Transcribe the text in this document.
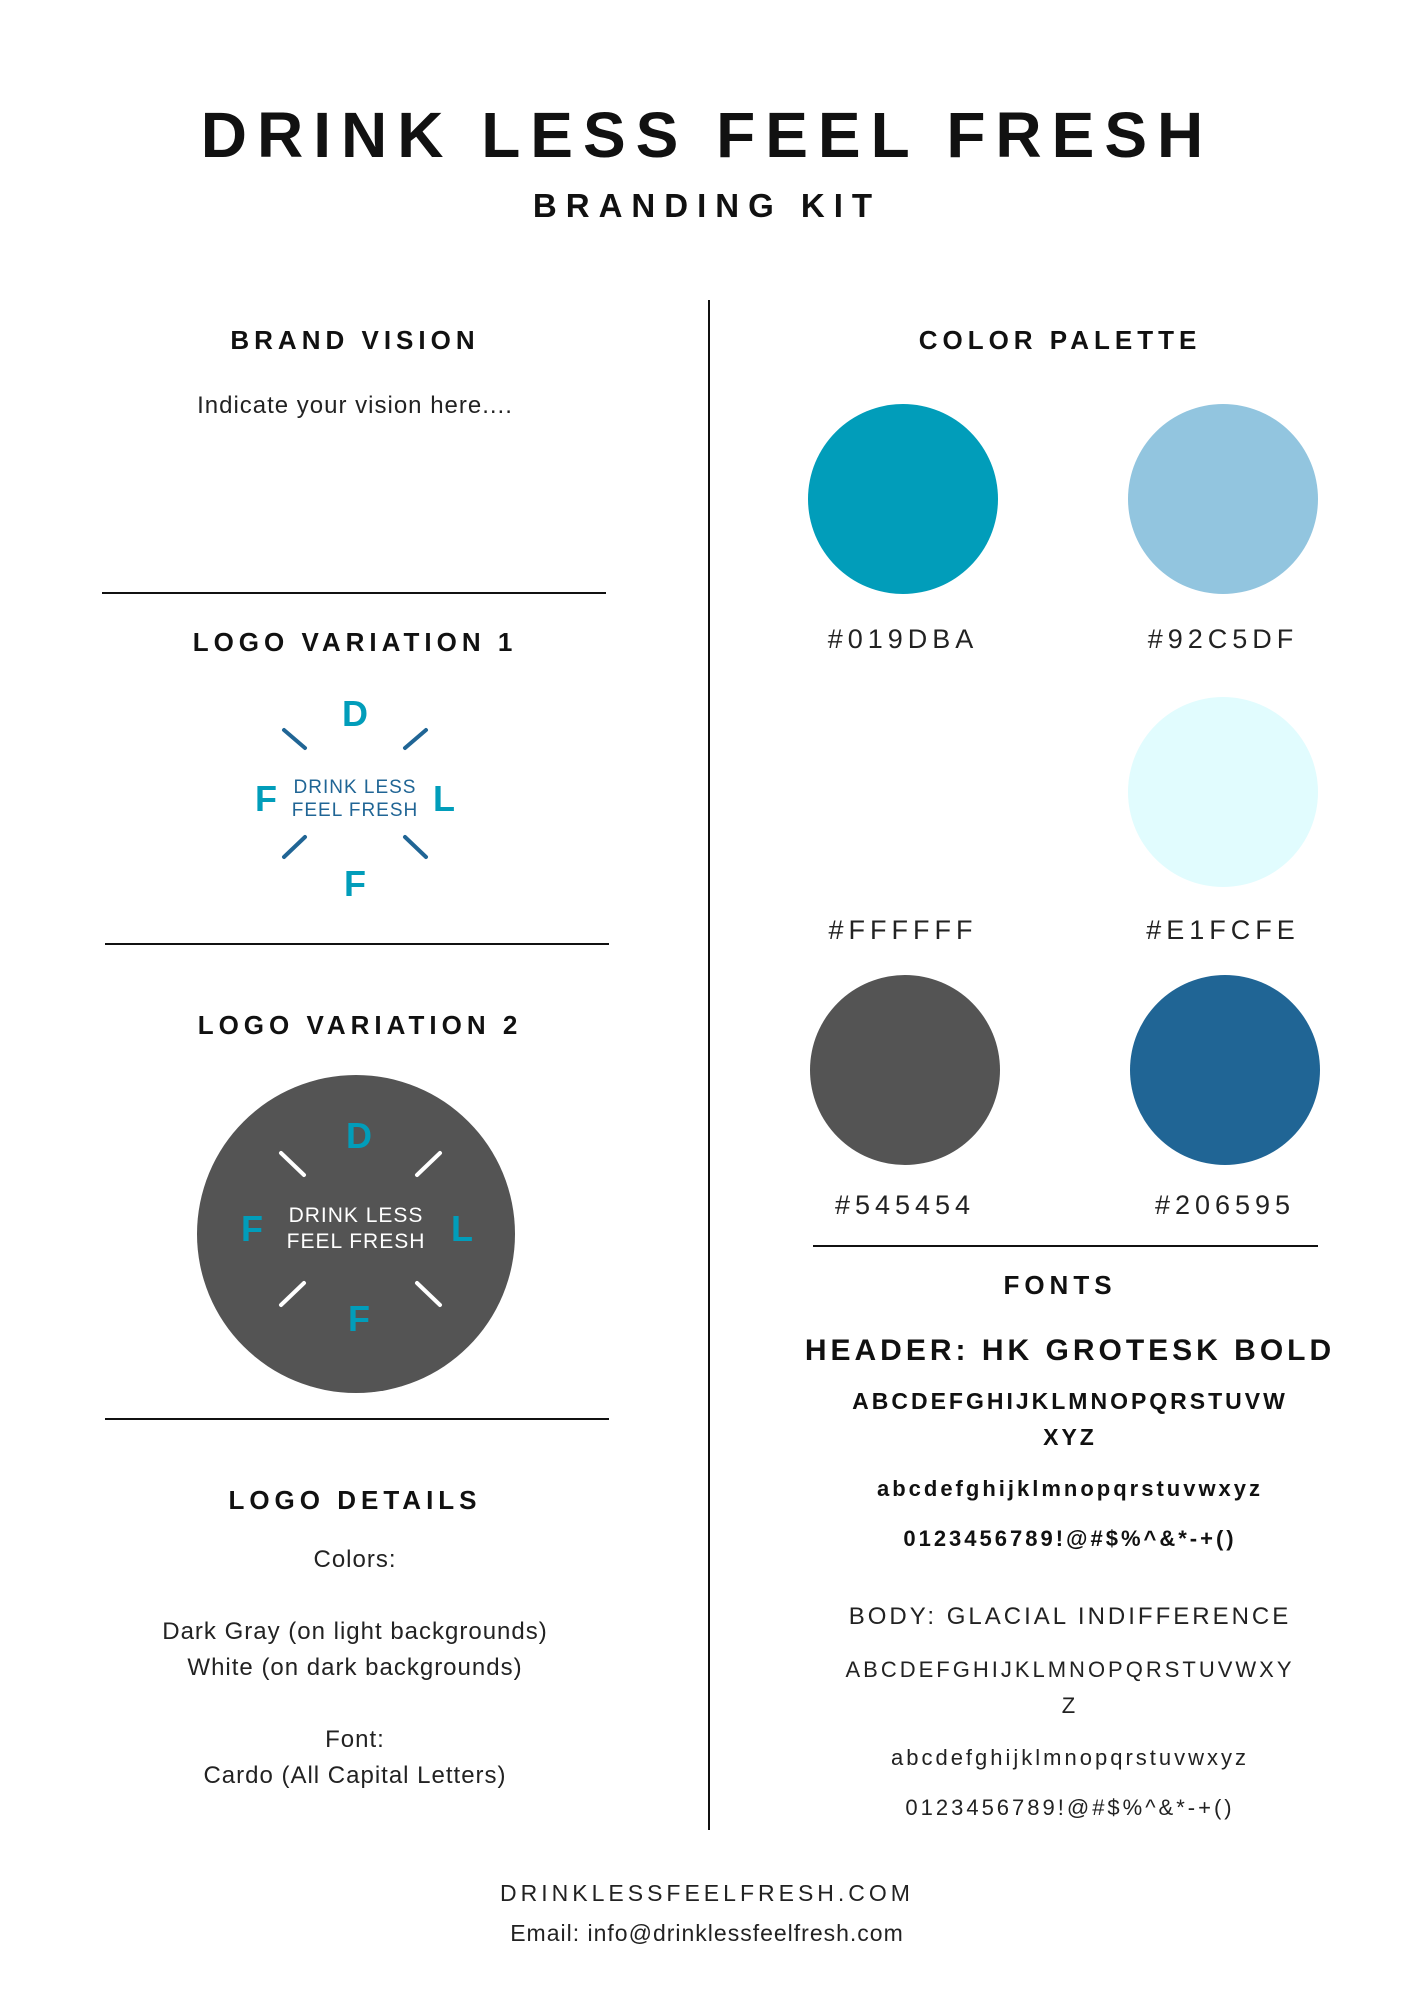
DRINK LESS FEEL FRESH
BRANDING KIT
BRAND VISION
Indicate your vision here....
LOGO VARIATION 1
D
F	L
F
DRINK LESS
FEEL FRESH
LOGO VARIATION 2
D
F	L
F
DRINK LESS
FEEL FRESH
LOGO DETAILS
Colors:
Dark Gray (on light backgrounds)
White (on dark backgrounds)
Font:
Cardo (All Capital Letters)
COLOR PALETTE
#019DBA	#92C5DF
#FFFFFF	#E1FCFE
#545454	#206595
FONTS
HEADER: HK GROTESK BOLD
ABCDEFGHIJKLMNOPQRSTUVW
XYZ
abcdefghijklmnopqrstuvwxyz
0123456789!@#$%^&*-+()
BODY: GLACIAL INDIFFERENCE
ABCDEFGHIJKLMNOPQRSTUVWXY
Z
abcdefghijklmnopqrstuvwxyz
0123456789!@#$%^&*-+()
DRINKLESSFEELFRESH.COM
Email: info@drinklessfeelfresh.com
